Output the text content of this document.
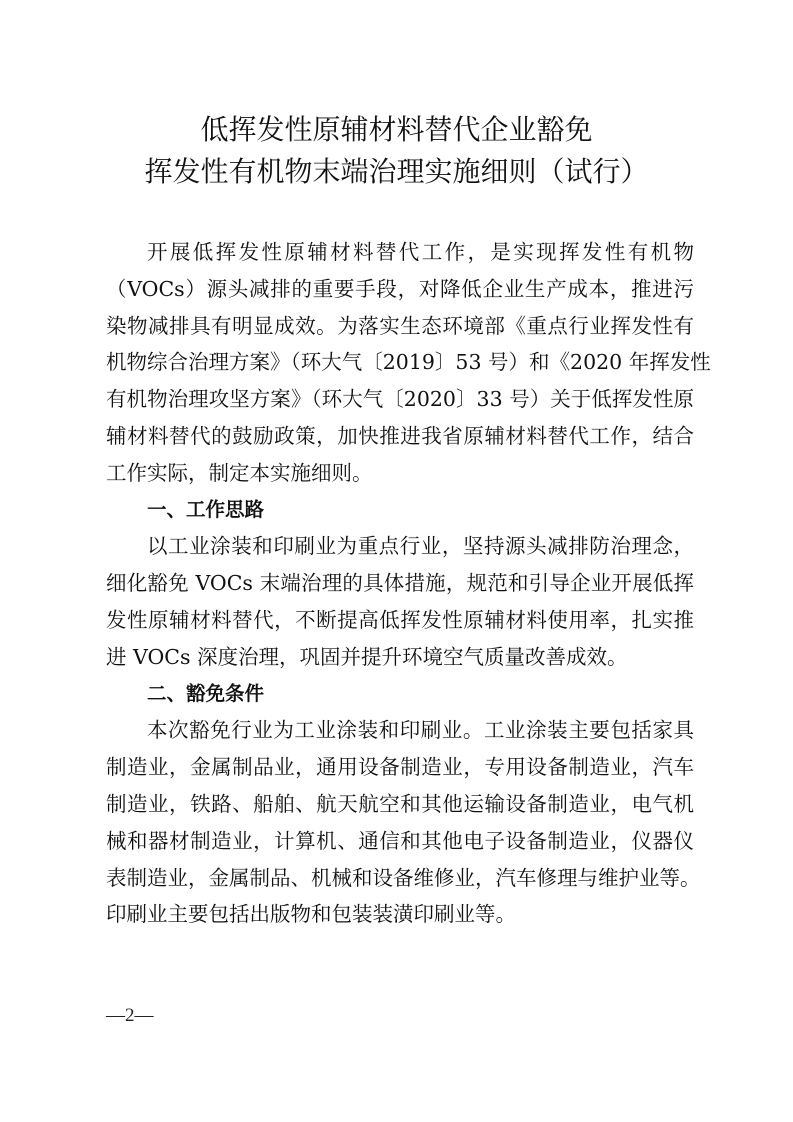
低挥发性原辅材料替代企业豁免
挥发性有机物末端治理实施细则（试行）
开展低挥发性原辅材料替代工作，是实现挥发性有机物
（VOCs）源头减排的重要手段，对降低企业生产成本，推进污
染物减排具有明显成效。为落实生态环境部《重点行业挥发性有
机物综合治理方案》（环大气〔2019〕53 号）和《2020 年挥发性
有机物治理攻坚方案》（环大气〔2020〕33 号）关于低挥发性原
辅材料替代的鼓励政策，加快推进我省原辅材料替代工作，结合
工作实际，制定本实施细则。
一、工作思路
以工业涂装和印刷业为重点行业，坚持源头减排防治理念，
细化豁免 VOCs 末端治理的具体措施，规范和引导企业开展低挥
发性原辅材料替代，不断提高低挥发性原辅材料使用率，扎实推
进 VOCs 深度治理，巩固并提升环境空气质量改善成效。
二、豁免条件
本次豁免行业为工业涂装和印刷业。工业涂装主要包括家具
制造业，金属制品业，通用设备制造业，专用设备制造业，汽车
制造业，铁路、船舶、航天航空和其他运输设备制造业，电气机
械和器材制造业，计算机、通信和其他电子设备制造业，仪器仪
表制造业，金属制品、机械和设备维修业，汽车修理与维护业等。
印刷业主要包括出版物和包装装潢印刷业等。
—2—
